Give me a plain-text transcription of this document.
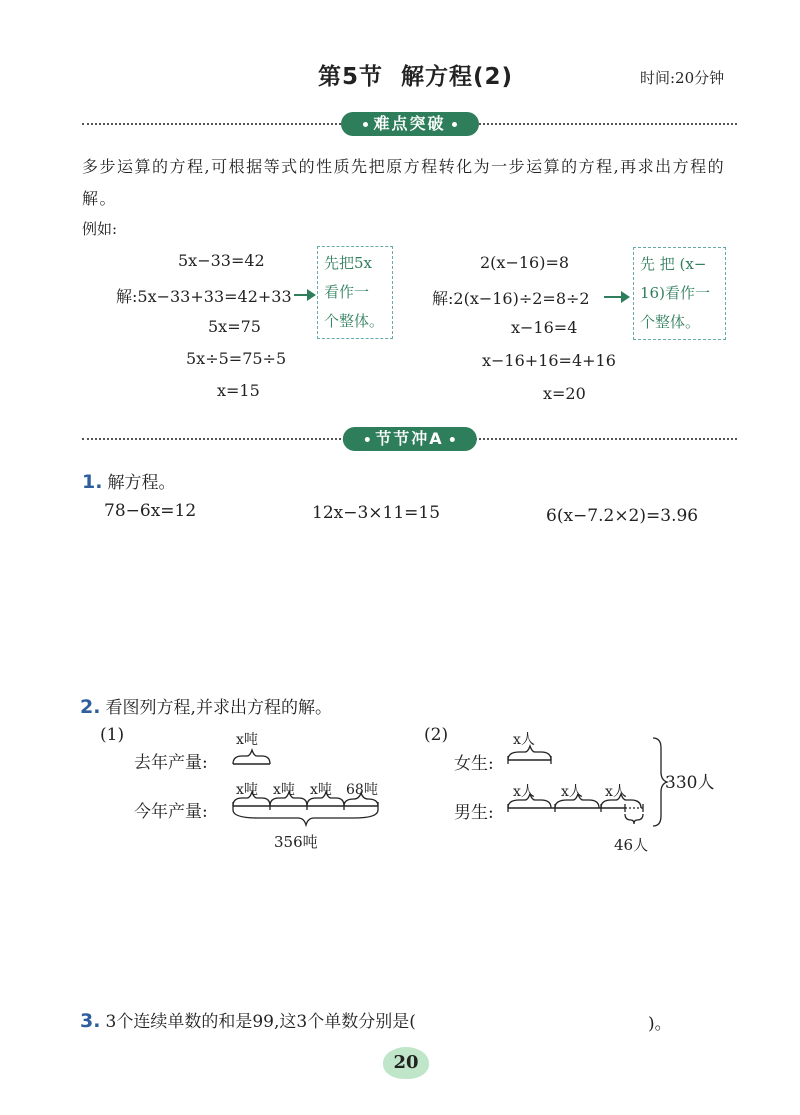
第5节 解方程(2)	时间:20分钟
难点突破
多步运算的方程,可根据等式的性质先把原方程转化为一步运算的方程,再求出方程的解。
例如:
5x−33=42
解:5x−33+33=42+33
5x=75
5x÷5=75÷5
x=15
先把5x
看作一
个整体。
2(x−16)=8
解:2(x−16)÷2=8÷2
x−16=4
x−16+16=4+16
x=20
先 把 (x−
16)看作一
个整体。
节节冲A
1. 解方程。
78−6x=12	12x−3×11=15	6(x−7.2×2)=3.96
2. 看图列方程,并求出方程的解。
(1)
去年产量:
今年产量:
x吨
x吨 x吨 x吨 68吨
356吨
(2)
女生:
男生:
x人
x人 x人 x人 330人
46人
3. 3个连续单数的和是99,这3个单数分别是(	)。
20
